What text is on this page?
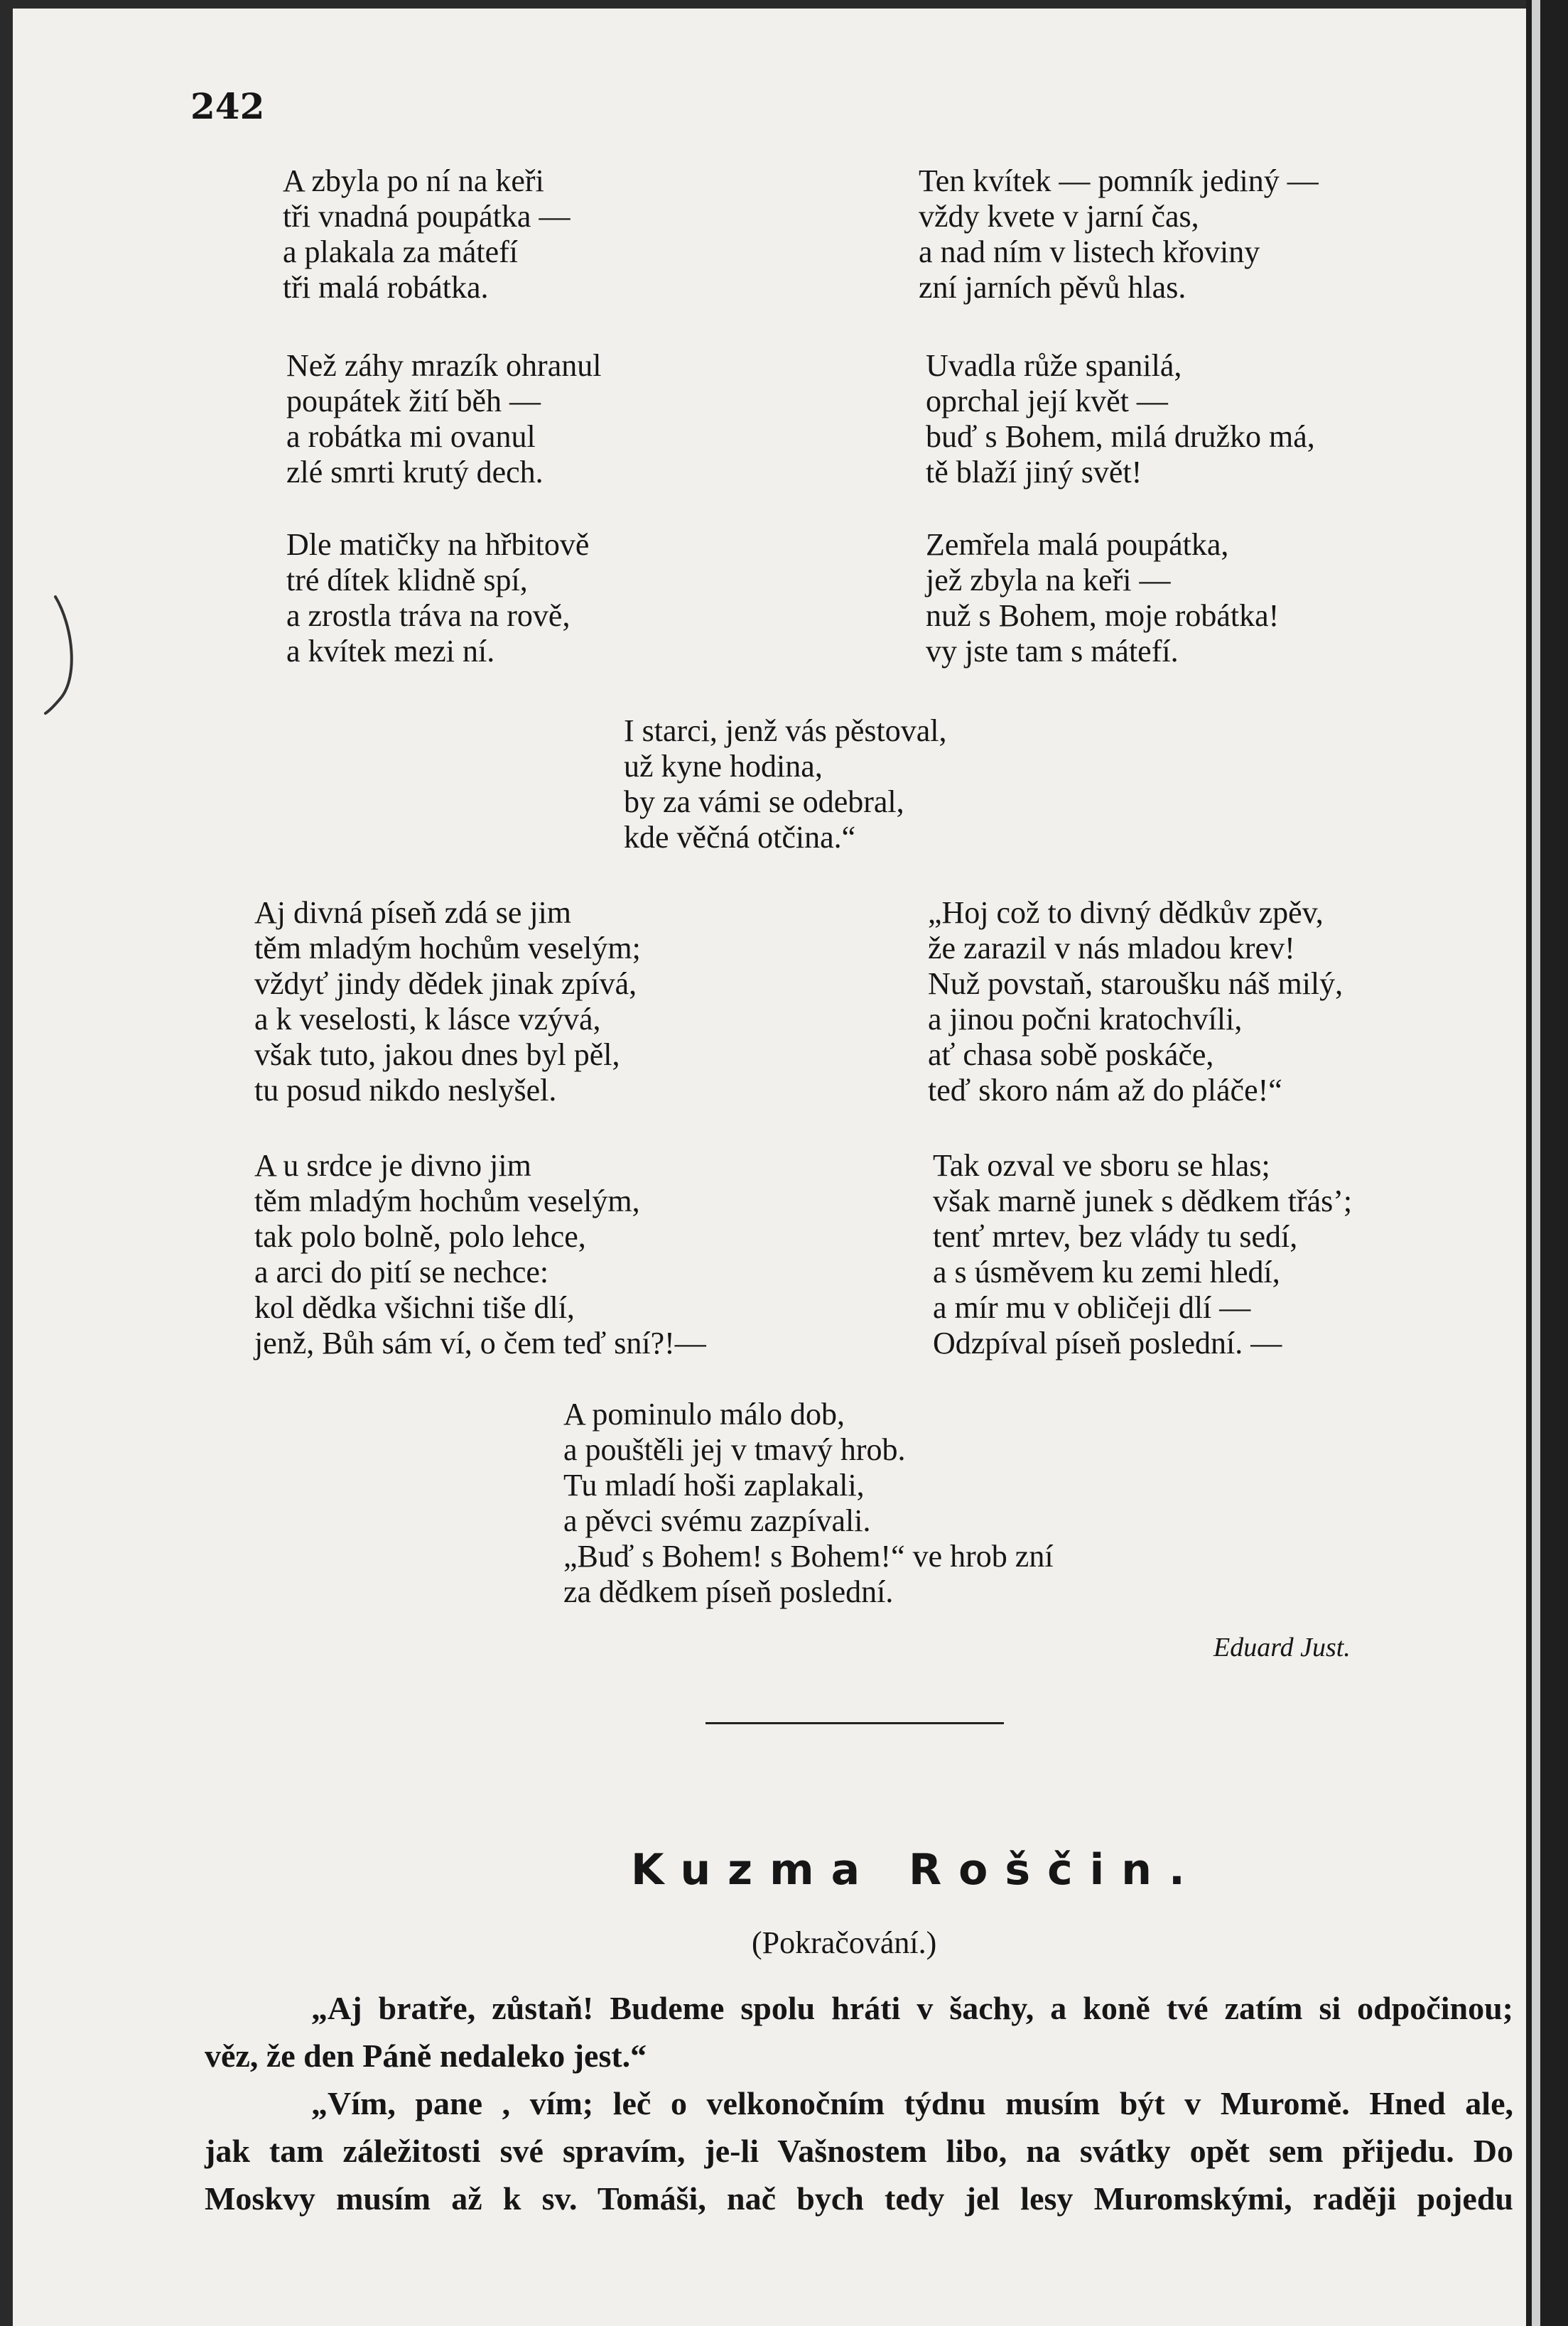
242
A zbyla po ní na keři
tři vnadná poupátka —
a plakala za mátefí
tři malá robátka.
Než záhy mrazík ohranul
poupátek žití běh —
a robátka mi ovanul
zlé smrti krutý dech.
Dle matičky na hřbitově
tré dítek klidně spí,
a zrostla tráva na rově,
a kvítek mezi ní.
Ten kvítek — pomník jediný —
vždy kvete v jarní čas,
a nad ním v listech křoviny
zní jarních pěvů hlas.
Uvadla růže spanilá,
oprchal její květ —
buď s Bohem, milá družko má,
tě blaží jiný svět!
Zemřela malá poupátka,
jež zbyla na keři —
nuž s Bohem, moje robátka!
vy jste tam s mátefí.
I starci, jenž vás pěstoval,
už kyne hodina,
by za vámi se odebral,
kde věčná otčina.“
Aj divná píseň zdá se jim
těm mladým hochům veselým;
vždyť jindy dědek jinak zpívá,
a k veselosti, k lásce vzývá,
však tuto, jakou dnes byl pěl,
tu posud nikdo neslyšel.
A u srdce je divno jim
těm mladým hochům veselým,
tak polo bolně, polo lehce,
a arci do pití se nechce:
kol dědka všichni tiše dlí,
jenž, Bůh sám ví, o čem teď sní?!—
„Hoj což to divný dědkův zpěv,
že zarazil v nás mladou krev!
Nuž povstaň, staroušku náš milý,
a jinou počni kratochvíli,
ať chasa sobě poskáče,
teď skoro nám až do pláče!“
Tak ozval ve sboru se hlas;
však marně junek s dědkem třás’;
tenť mrtev, bez vlády tu sedí,
a s úsměvem ku zemi hledí,
a mír mu v obličeji dlí —
Odzpíval píseň poslední. —
A pominulo málo dob,
a pouštěli jej v tmavý hrob.
Tu mladí hoši zaplakali,
a pěvci svému zazpívali.
„Buď s Bohem! s Bohem!“ ve hrob zní
za dědkem píseň poslední.
Eduard Just.
Kuzma Roščin.
(Pokračování.)
„Aj bratře, zůstaň! Budeme spolu hráti v šachy, a koně tvé zatím si odpočinou;
věz, že den Páně nedaleko jest.“
„Vím, pane , vím; leč o velkonočním týdnu musím být v Muromě. Hned ale,
jak tam záležitosti své spravím, je-li Vašnostem libo, na svátky opět sem přijedu. Do
Moskvy musím až k sv. Tomáši, nač bych tedy jel lesy Muromskými, raději pojedu
